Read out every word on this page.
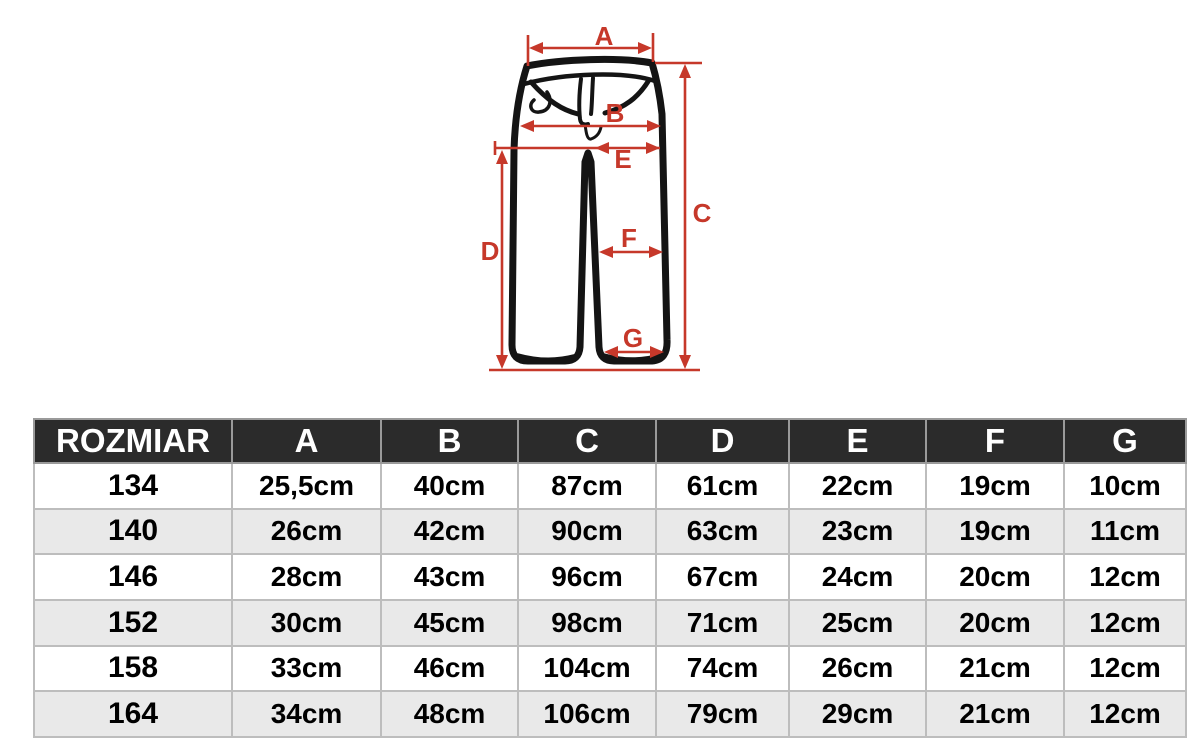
A
B
C
D
E
F
G
ROZMIAR	A	B	C	D	E	F	G
134	25,5cm	40cm	87cm	61cm	22cm	19cm	10cm
140	26cm	42cm	90cm	63cm	23cm	19cm	11cm
146	28cm	43cm	96cm	67cm	24cm	20cm	12cm
152	30cm	45cm	98cm	71cm	25cm	20cm	12cm
158	33cm	46cm	104cm	74cm	26cm	21cm	12cm
164	34cm	48cm	106cm	79cm	29cm	21cm	12cm
